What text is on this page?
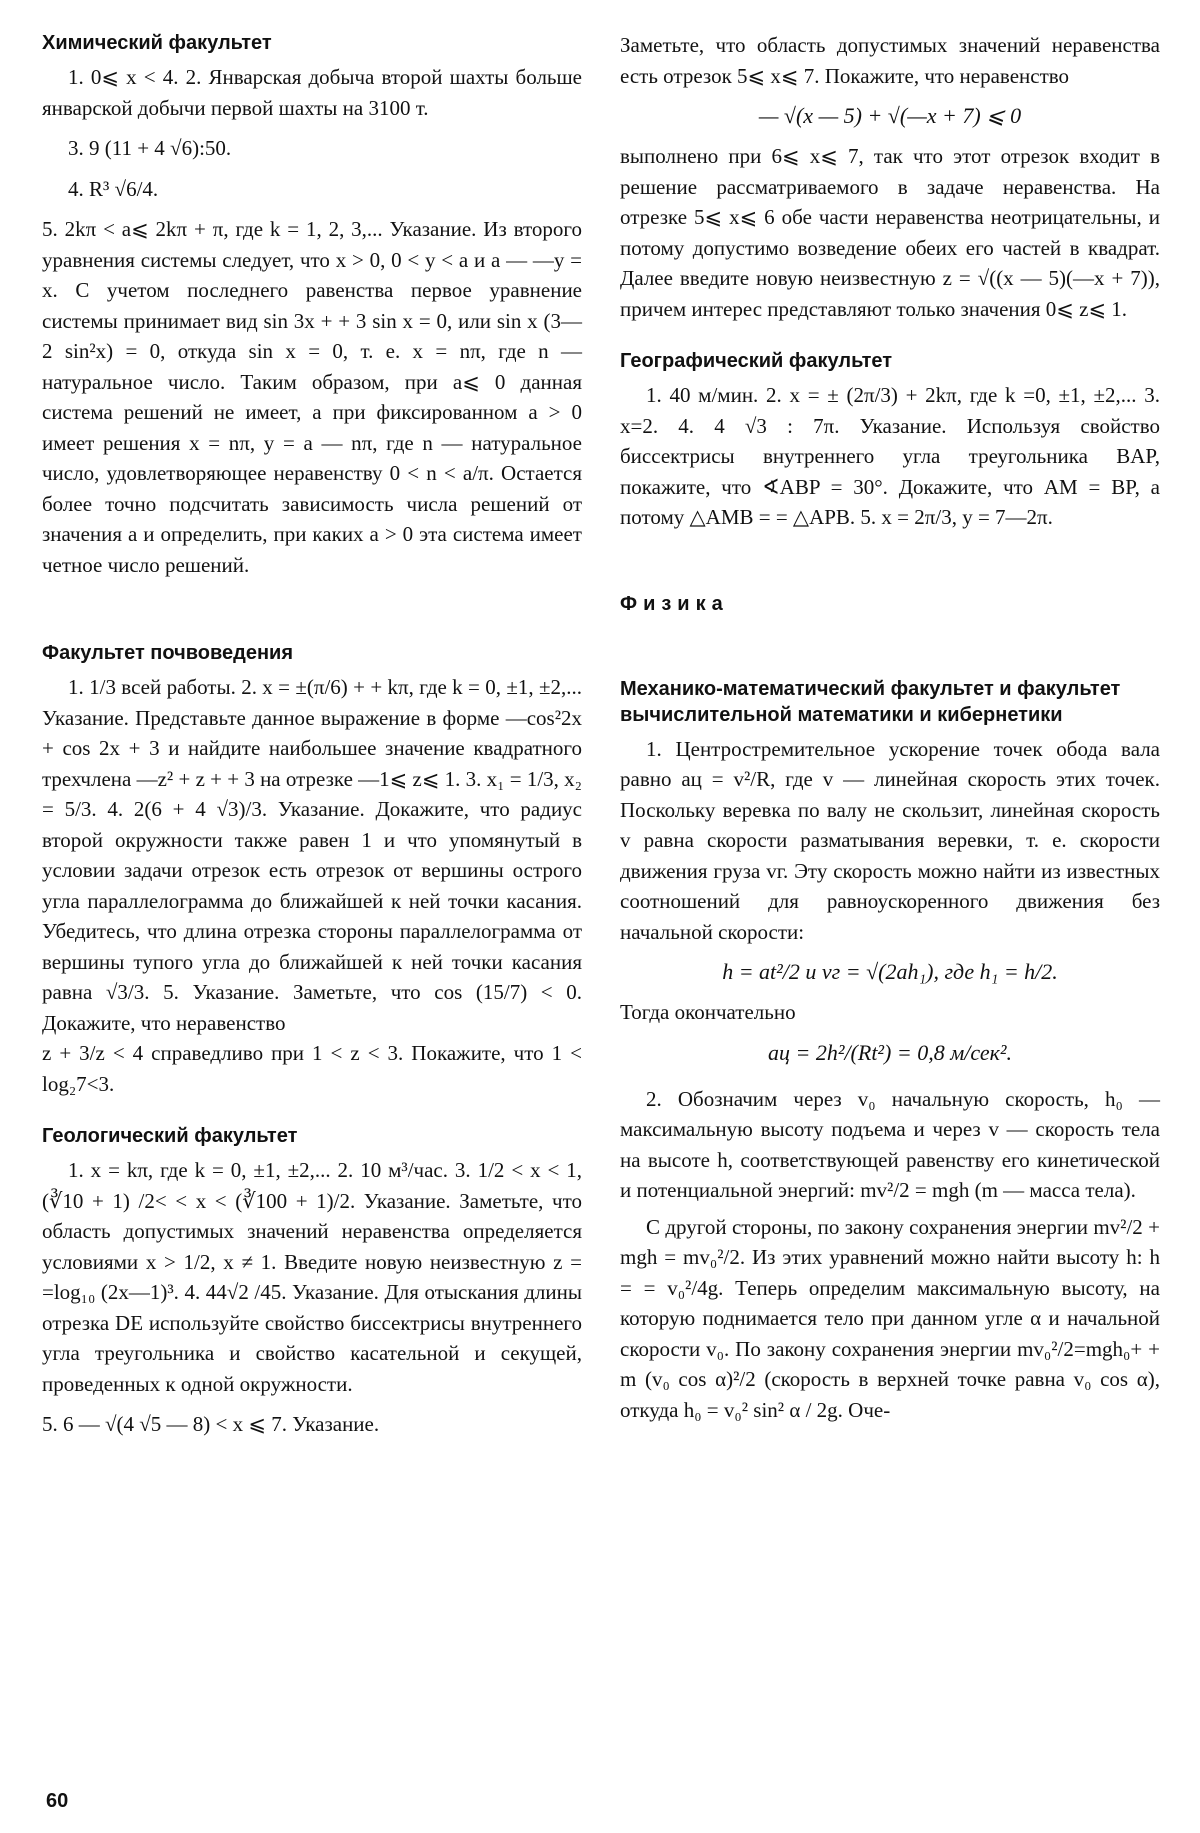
Химический факультет

1. 0⩽ x < 4. 2. Январская добыча второй шахты больше январской добычи первой шахты на 3100 т.

3. 9 (11 + 4 √6):50.

4. R³ √6/4.

5. 2kπ < a⩽ 2kπ + π, где k = 1, 2, 3,... Указание. Из второго уравнения системы следует, что x > 0, 0 < y < a и a — —y = x. С учетом последнего равенства первое уравнение системы принимает вид sin 3x + + 3 sin x = 0, или sin x (3—2 sin²x) = 0, откуда sin x = 0, т. е. x = nπ, где n — натуральное число. Таким образом, при a⩽ 0 данная система решений не имеет, а при фиксированном a > 0 имеет решения x = nπ, y = a — nπ, где n — натуральное число, удовлетворяющее неравенству 0 < n < a/π. Остается более точно подсчитать зависимость числа решений от значения a и определить, при каких a > 0 эта система имеет четное число решений.

Факультет почвоведения

1. 1/3 всей работы. 2. x = ±(π/6) + + kπ, где k = 0, ±1, ±2,... Указание. Представьте данное выражение в форме —cos²2x + cos 2x + 3 и найдите наибольшее значение квадратного трехчлена —z² + z + + 3 на отрезке —1⩽ z⩽ 1. 3. x₁ = 1/3, x₂ = 5/3. 4. 2(6 + 4 √3)/3. Указание. Докажите, что радиус второй окружности также равен 1 и что упомянутый в условии задачи отрезок есть отрезок от вершины острого угла параллелограмма до ближайшей к ней точки касания. Убедитесь, что длина отрезка стороны параллелограмма от вершины тупого угла до ближайшей к ней точки касания равна √3/3. 5. Указание. Заметьте, что cos (15/7) < 0. Докажите, что неравенство

z + 3/z < 4 справедливо при 1 < z < 3. Покажите, что 1 < log₂7<3.

Геологический факультет

1. x = kπ, где k = 0, ±1, ±2,... 2. 10 м³/час. 3. 1/2 < x < 1, (∛10 + 1) /2< < x < (∛100 + 1)/2. Указание. Заметьте, что область допустимых значений неравенства определяется условиями x > 1/2, x ≠ 1. Введите новую неизвестную z = =log₁₀ (2x—1)³. 4. 44√2 /45. Указание. Для отыскания длины отрезка DE используйте свойство биссектрисы внутреннего угла треугольника и свойство касательной и секущей, проведенных к одной окружности.

5. 6 — √(4 √5 — 8) < x ⩽ 7. Указание.

Заметьте, что область допустимых значений неравенства есть отрезок 5⩽ x⩽ 7. Покажите, что неравенство

— √(x — 5) + √(—x + 7) ⩽ 0

выполнено при 6⩽ x⩽ 7, так что этот отрезок входит в решение рассматриваемого в задаче неравенства. На отрезке 5⩽ x⩽ 6 обе части неравенства неотрицательны, и потому допустимо возведение обеих его частей в квадрат. Далее введите новую неизвестную z = √((x — 5)(—x + 7)), причем интерес представляют только значения 0⩽ z⩽ 1.

Географический факультет

1. 40 м/мин. 2. x = ± (2π/3) + 2kπ, где k =0, ±1, ±2,... 3. x=2. 4. 4 √3 : 7π. Указание. Используя свойство биссектрисы внутреннего угла треугольника BAP, покажите, что ∢ABP = 30°. Докажите, что AM = BP, а потому △AMB = = △APB. 5. x = 2π/3, y = 7—2π.

Физика
Механико-математический факультет и факультет вычислительной математики и кибернетики

1. Центростремительное ускорение точек обода вала равно aц = v²/R, где v — линейная скорость этих точек. Поскольку веревка по валу не скользит, линейная скорость v равна скорости разматывания веревки, т. е. скорости движения груза vг. Эту скорость можно найти из известных соотношений для равноускоренного движения без начальной скорости:

h = at²/2 и vг = √(2ah₁), где h₁ = h/2.

Тогда окончательно

aц = 2h²/(Rt²) = 0,8 м/сек².

2. Обозначим через v₀ начальную скорость, h₀ — максимальную высоту подъема и через v — скорость тела на высоте h, соответствующей равенству его кинетической и потенциальной энергий: mv²/2 = mgh (m — масса тела).

С другой стороны, по закону сохранения энергии mv²/2 + mgh = mv₀²/2. Из этих уравнений можно найти высоту h: h = = v₀²/4g. Теперь определим максимальную высоту, на которую поднимается тело при данном угле α и начальной скорости v₀. По закону сохранения энергии mv₀²/2=mgh₀+ + m (v₀ cos α)²/2 (скорость в верхней точке равна v₀ cos α), откуда h₀ = v₀² sin² α / 2g. Оче-

60
